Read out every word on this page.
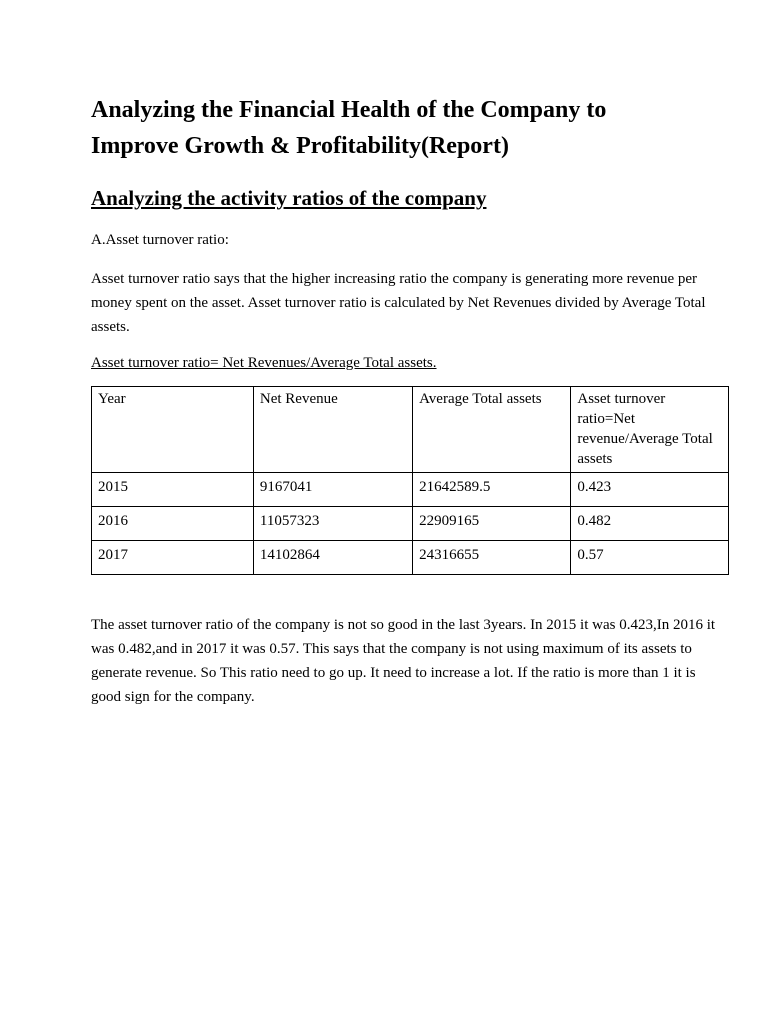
Analyzing the Financial Health of the Company to
Improve Growth & Profitability(Report)
Analyzing the activity ratios of the company

A.Asset turnover ratio:

Asset turnover ratio says that the higher increasing ratio the company is generating more revenue per money spent on the asset. Asset turnover ratio is calculated by Net Revenues divided by Average Total assets.

Asset turnover ratio= Net Revenues/Average Total assets.

Year	Net Revenue	Average Total assets	Asset turnover ratio=Net revenue/Average Total assets
2015	9167041	21642589.5	0.423
2016	11057323	22909165	0.482
2017	14102864	24316655	0.57

The asset turnover ratio of the company is not so good in the last 3years. In 2015 it was 0.423,In 2016 it was 0.482,and in 2017 it was 0.57. This says that the company is not using maximum of its assets to generate revenue. So This ratio need to go up. It need to increase a lot. If the ratio is more than 1 it is good sign for the company.
